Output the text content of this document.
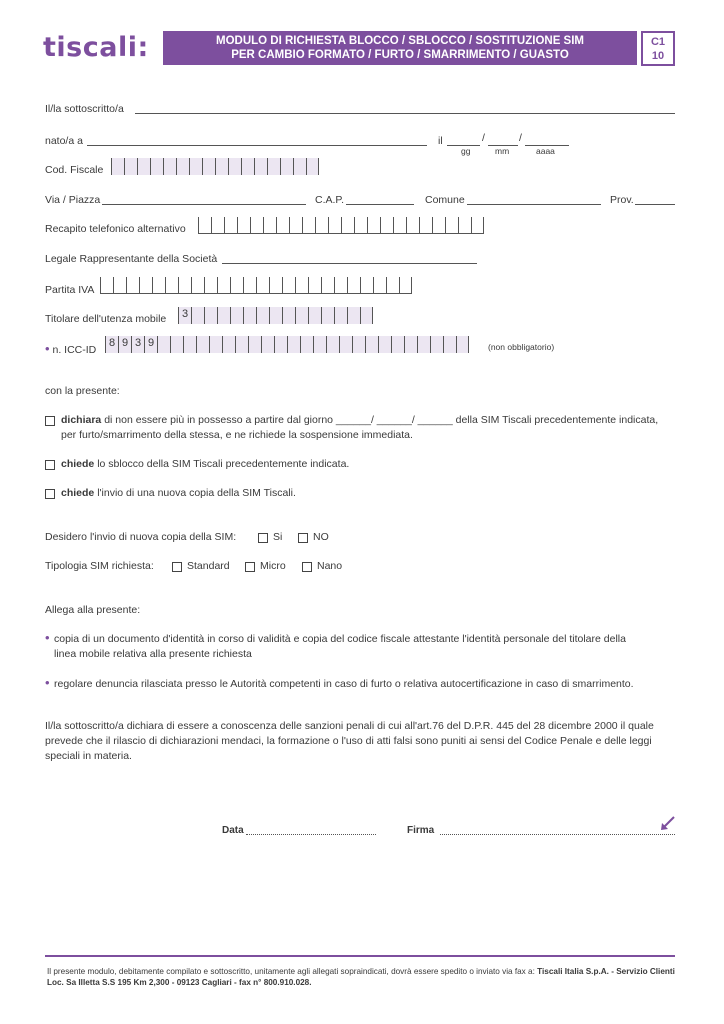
tiscali:	MODULO DI RICHIESTA BLOCCO / SBLOCCO / SOSTITUZIONE SIM
PER CAMBIO FORMATO / FURTO / SMARRIMENTO / GUASTO
C1
10
Il/la sottoscritto/a
nato/a a	il	/	/
gg	mm	aaaa
Cod. Fiscale
Via / Piazza	C.A.P.	Comune	Prov.
Recapito telefonico alternativo
Legale Rappresentante della Società
Partita IVA
Titolare dell'utenza mobile	3
• n. ICC-ID
8 9 3 9	(non obbligatorio)
con la presente:
dichiara di non essere più in possesso a partire dal giorno ______/ ______/ ______ della SIM Tiscali precedentemente indicata,
per furto/smarrimento della stessa, e ne richiede la sospensione immediata.
chiede lo sblocco della SIM Tiscali precedentemente indicata.
chiede l'invio di una nuova copia della SIM Tiscali.
Desidero l'invio di nuova copia della SIM:	Si	NO
Tipologia SIM richiesta:	Standard	Micro	Nano
Allega alla presente:
• copia di un documento d'identità in corso di validità e copia del codice fiscale attestante l'identità personale del titolare della
linea mobile relativa alla presente richiesta
• regolare denuncia rilasciata presso le Autorità competenti in caso di furto o relativa autocertificazione in caso di smarrimento.
Il/la sottoscritto/a dichiara di essere a conoscenza delle sanzioni penali di cui all'art.76 del D.P.R. 445 del 28 dicembre 2000 il quale
prevede che il rilascio di dichiarazioni mendaci, la formazione o l'uso di atti falsi sono puniti ai sensi del Codice Penale e delle leggi
speciali in materia.
Data	Firma
Il presente modulo, debitamente compilato e sottoscritto, unitamente agli allegati sopraindicati, dovrà essere spedito o inviato via fax a: Tiscali Italia S.p.A. - Servizio Clienti
Loc. Sa Illetta S.S 195 Km 2,300 - 09123 Cagliari - fax n° 800.910.028.
